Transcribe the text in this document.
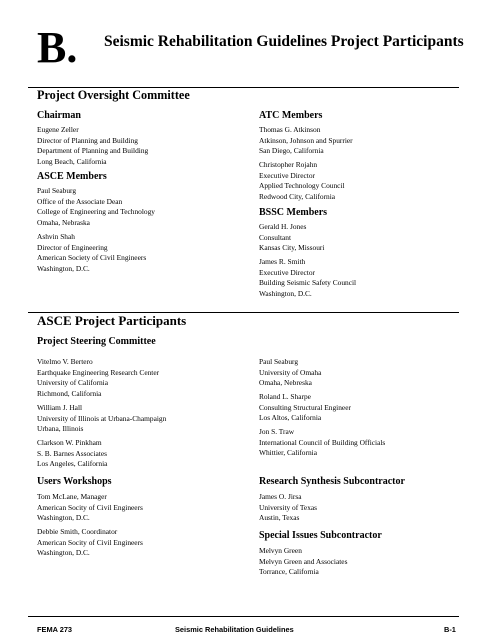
B. Seismic Rehabilitation Guidelines Project Participants
Project Oversight Committee
Chairman
Eugene Zeller
Director of Planning and Building
Department of Planning and Building
Long Beach, California
ASCE Members
Paul Seaburg
Office of the Associate Dean
College of Engineering and Technology
Omaha, Nebraska
Ashvin Shah
Director of Engineering
American Society of Civil Engineers
Washington, D.C.
ATC Members
Thomas G. Atkinson
Atkinson, Johnson and Spurrier
San Diego, California
Christopher Rojahn
Executive Director
Applied Technology Council
Redwood City, California
BSSC Members
Gerald H. Jones
Consultant
Kansas City, Missouri
James R. Smith
Executive Director
Building Seismic Safety Council
Washington, D.C.
ASCE Project Participants
Project Steering Committee
Vitelmo V. Bertero
Earthquake Engineering Research Center
University of California
Richmond, California
William J. Hall
University of Illinois at Urbana-Champaign
Urbana, Illinois
Clarkson W. Pinkham
S. B. Barnes Associates
Los Angeles, California
Paul Seaburg
University of Omaha
Omaha, Nebreska
Roland L. Sharpe
Consulting Structural Engineer
Los Altos, California
Jon S. Traw
International Council of Building Officials
Whittier, California
Users Workshops
Tom McLane, Manager
American Socity of Civil Engineers
Washington, D.C.
Debbie Smith, Coordinator
American Socity of Civil Engineers
Washington, D.C.
Research Synthesis Subcontractor
James O. Jirsa
University of Texas
Austin, Texas
Special Issues Subcontractor
Melvyn Green
Melvyn Green and Associates
Torrance, California
FEMA 273	Seismic Rehabilitation Guidelines	B-1
